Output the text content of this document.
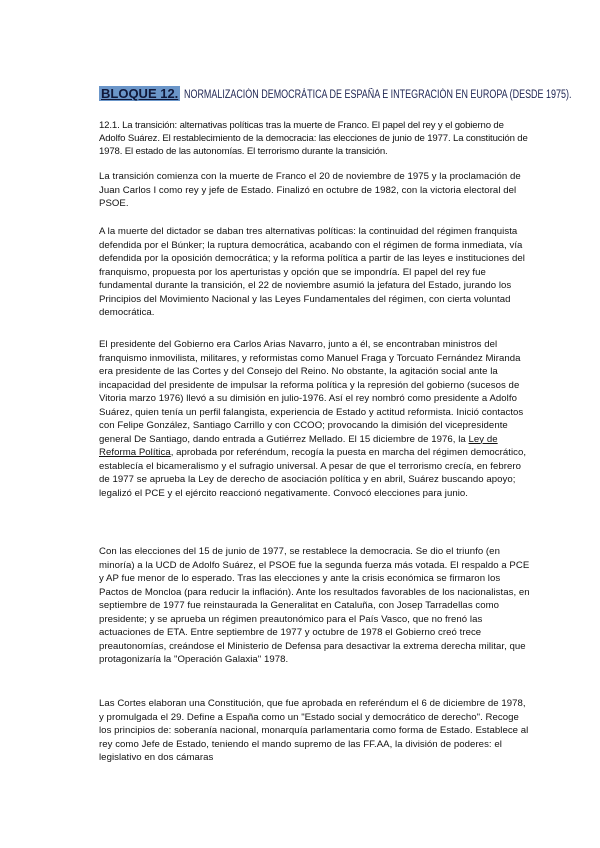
BLOQUE 12. NORMALIZACIÓN DEMOCRÁTICA DE ESPAÑA E INTEGRACIÓN EN EUROPA (DESDE 1975).
12.1. La transición: alternativas políticas tras la muerte de Franco. El papel del rey y el gobierno de Adolfo Suárez. El restablecimiento de la democracia: las elecciones de junio de 1977. La constitución de 1978. El estado de las autonomías. El terrorismo durante la transición.

La transición comienza con la muerte de Franco el 20 de noviembre de 1975 y la proclamación de Juan Carlos I como rey y jefe de Estado. Finalizó en octubre de 1982, con la victoria electoral del PSOE.

A la muerte del dictador se daban tres alternativas políticas: la continuidad del régimen franquista defendida por el Búnker; la ruptura democrática, acabando con el régimen de forma inmediata, vía defendida por la oposición democrática; y la reforma política a partir de las leyes e instituciones del franquismo, propuesta por los aperturistas y opción que se impondría. El papel del rey fue fundamental durante la transición, el 22 de noviembre asumió la jefatura del Estado, jurando los Principios del Movimiento Nacional y las Leyes Fundamentales del régimen, con cierta voluntad democrática.

El presidente del Gobierno era Carlos Arias Navarro, junto a él, se encontraban ministros del franquismo inmovilista, militares, y reformistas como Manuel Fraga y Torcuato Fernández Miranda era presidente de las Cortes y del Consejo del Reino. No obstante, la agitación social ante la incapacidad del presidente de impulsar la reforma política y la represión del gobierno (sucesos de Vitoria marzo 1976) llevó a su dimisión en julio-1976. Así el rey nombró como presidente a Adolfo Suárez, quien tenía un perfil falangista, experiencia de Estado y actitud reformista. Inició contactos con Felipe González, Santiago Carrillo y con CCOO; provocando la dimisión del vicepresidente general De Santiago, dando entrada a Gutiérrez Mellado. El 15 diciembre de 1976, la Ley de Reforma Política, aprobada por referéndum, recogía la puesta en marcha del régimen democrático, establecía el bicameralismo y el sufragio universal. A pesar de que el terrorismo crecía, en febrero de 1977 se aprueba la Ley de derecho de asociación política y en abril, Suárez buscando apoyo; legalizó el PCE y el ejército reaccionó negativamente. Convocó elecciones para junio.

Con las elecciones del 15 de junio de 1977, se restablece la democracia. Se dio el triunfo (en minoría) a la UCD de Adolfo Suárez, el PSOE fue la segunda fuerza más votada. El respaldo a PCE y AP fue menor de lo esperado. Tras las elecciones y ante la crisis económica se firmaron los Pactos de Moncloa (para reducir la inflación). Ante los resultados favorables de los nacionalistas, en septiembre de 1977 fue reinstaurada la Generalitat en Cataluña, con Josep Tarradellas como presidente; y se aprueba un régimen preautonómico para el País Vasco, que no frenó las actuaciones de ETA. Entre septiembre de 1977 y octubre de 1978 el Gobierno creó trece preautonomías, creándose el Ministerio de Defensa para desactivar la extrema derecha militar, que protagonizaría la "Operación Galaxia" 1978.

Las Cortes elaboran una Constitución, que fue aprobada en referéndum el 6 de diciembre de 1978, y promulgada el 29. Define a España como un "Estado social y democrático de derecho". Recoge los principios de: soberanía nacional, monarquía parlamentaria como forma de Estado. Establece al rey como Jefe de Estado, teniendo el mando supremo de las FF.AA, la división de poderes: el legislativo en dos cámaras
